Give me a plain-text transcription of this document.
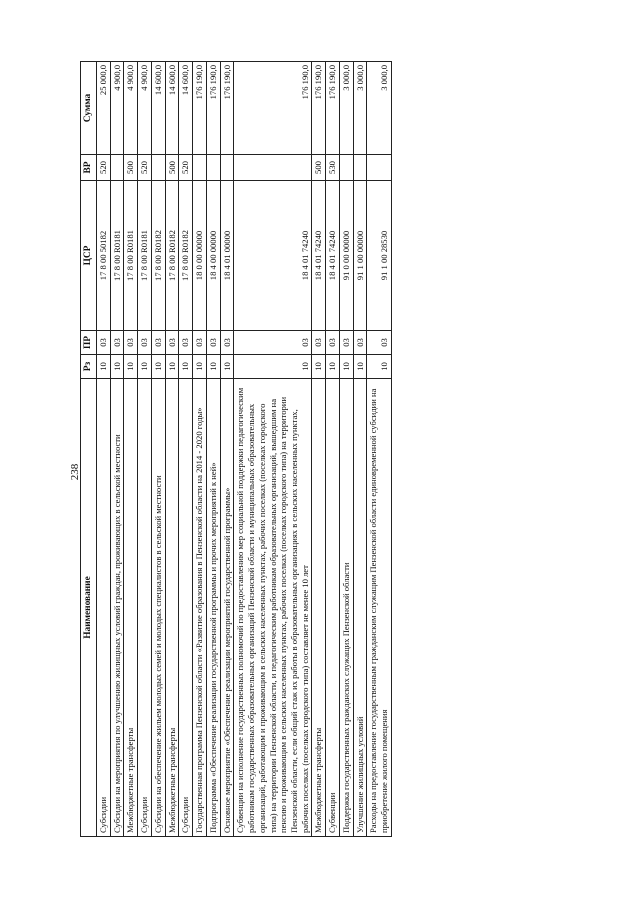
238
Наименование	Рз	ПР	ЦСР	ВР	Сумма
Субсидии	10	03	17 8 00 50182	520	25 000,0
Субсидии на мероприятия по улучшению жилищных условий граждан, проживающих в сельской местности	10	03	17 8 00 R0181		4 900,0
Межбюджетные трансферты	10	03	17 8 00 R0181	500	4 900,0
Субсидии	10	03	17 8 00 R0181	520	4 900,0
Субсидии на обеспечение жильем молодых семей и молодых специалистов в сельской местности	10	03	17 8 00 R0182		14 600,0
Межбюджетные трансферты	10	03	17 8 00 R0182	500	14 600,0
Субсидии	10	03	17 8 00 R0182	520	14 600,0
Государственная программа Пензенской области «Развитие образования в Пензенской области на 2014 - 2020 годы»	10	03	18 0 00 00000		176 190,0
Подпрограмма «Обеспечение реализации государственной программы и прочих мероприятий к ней»	10	03	18 4 00 00000		176 190,0
Основное мероприятие «Обеспечение реализации мероприятий государственной программы»	10	03	18 4 01 00000		176 190,0
Субвенции на исполнение государственных полномочий по предоставлению мер социальной поддержки педагогическим работникам государственных образовательных организаций Пензенской области и муниципальных образовательных организаций, работающим и проживающим в сельских населенных пунктах, рабочих поселках (поселках городского типа) на территории Пензенской области, и педагогическим работникам образовательных организаций, вышедшим на пенсию и проживающим в сельских населенных пунктах, рабочих поселках (поселках городского типа) на территории Пензенской области, если общий стаж их работы в образовательных организациях в сельских населенных пунктах, рабочих поселках (поселках городского типа) составляет не менее 10 лет	10	03	18 4 01 74240		176 190,0
Межбюджетные трансферты	10	03	18 4 01 74240	500	176 190,0
Субвенции	10	03	18 4 01 74240	530	176 190,0
Поддержка государственных гражданских служащих Пензенской области	10	03	91 0 00 00000		3 000,0
Улучшение жилищных условий	10	03	91 1 00 00000		3 000,0
Расходы на предоставление государственным гражданским служащим Пензенской области единовременной субсидии на приобретение жилого помещения	10	03	91 1 00 28530		3 000,0
